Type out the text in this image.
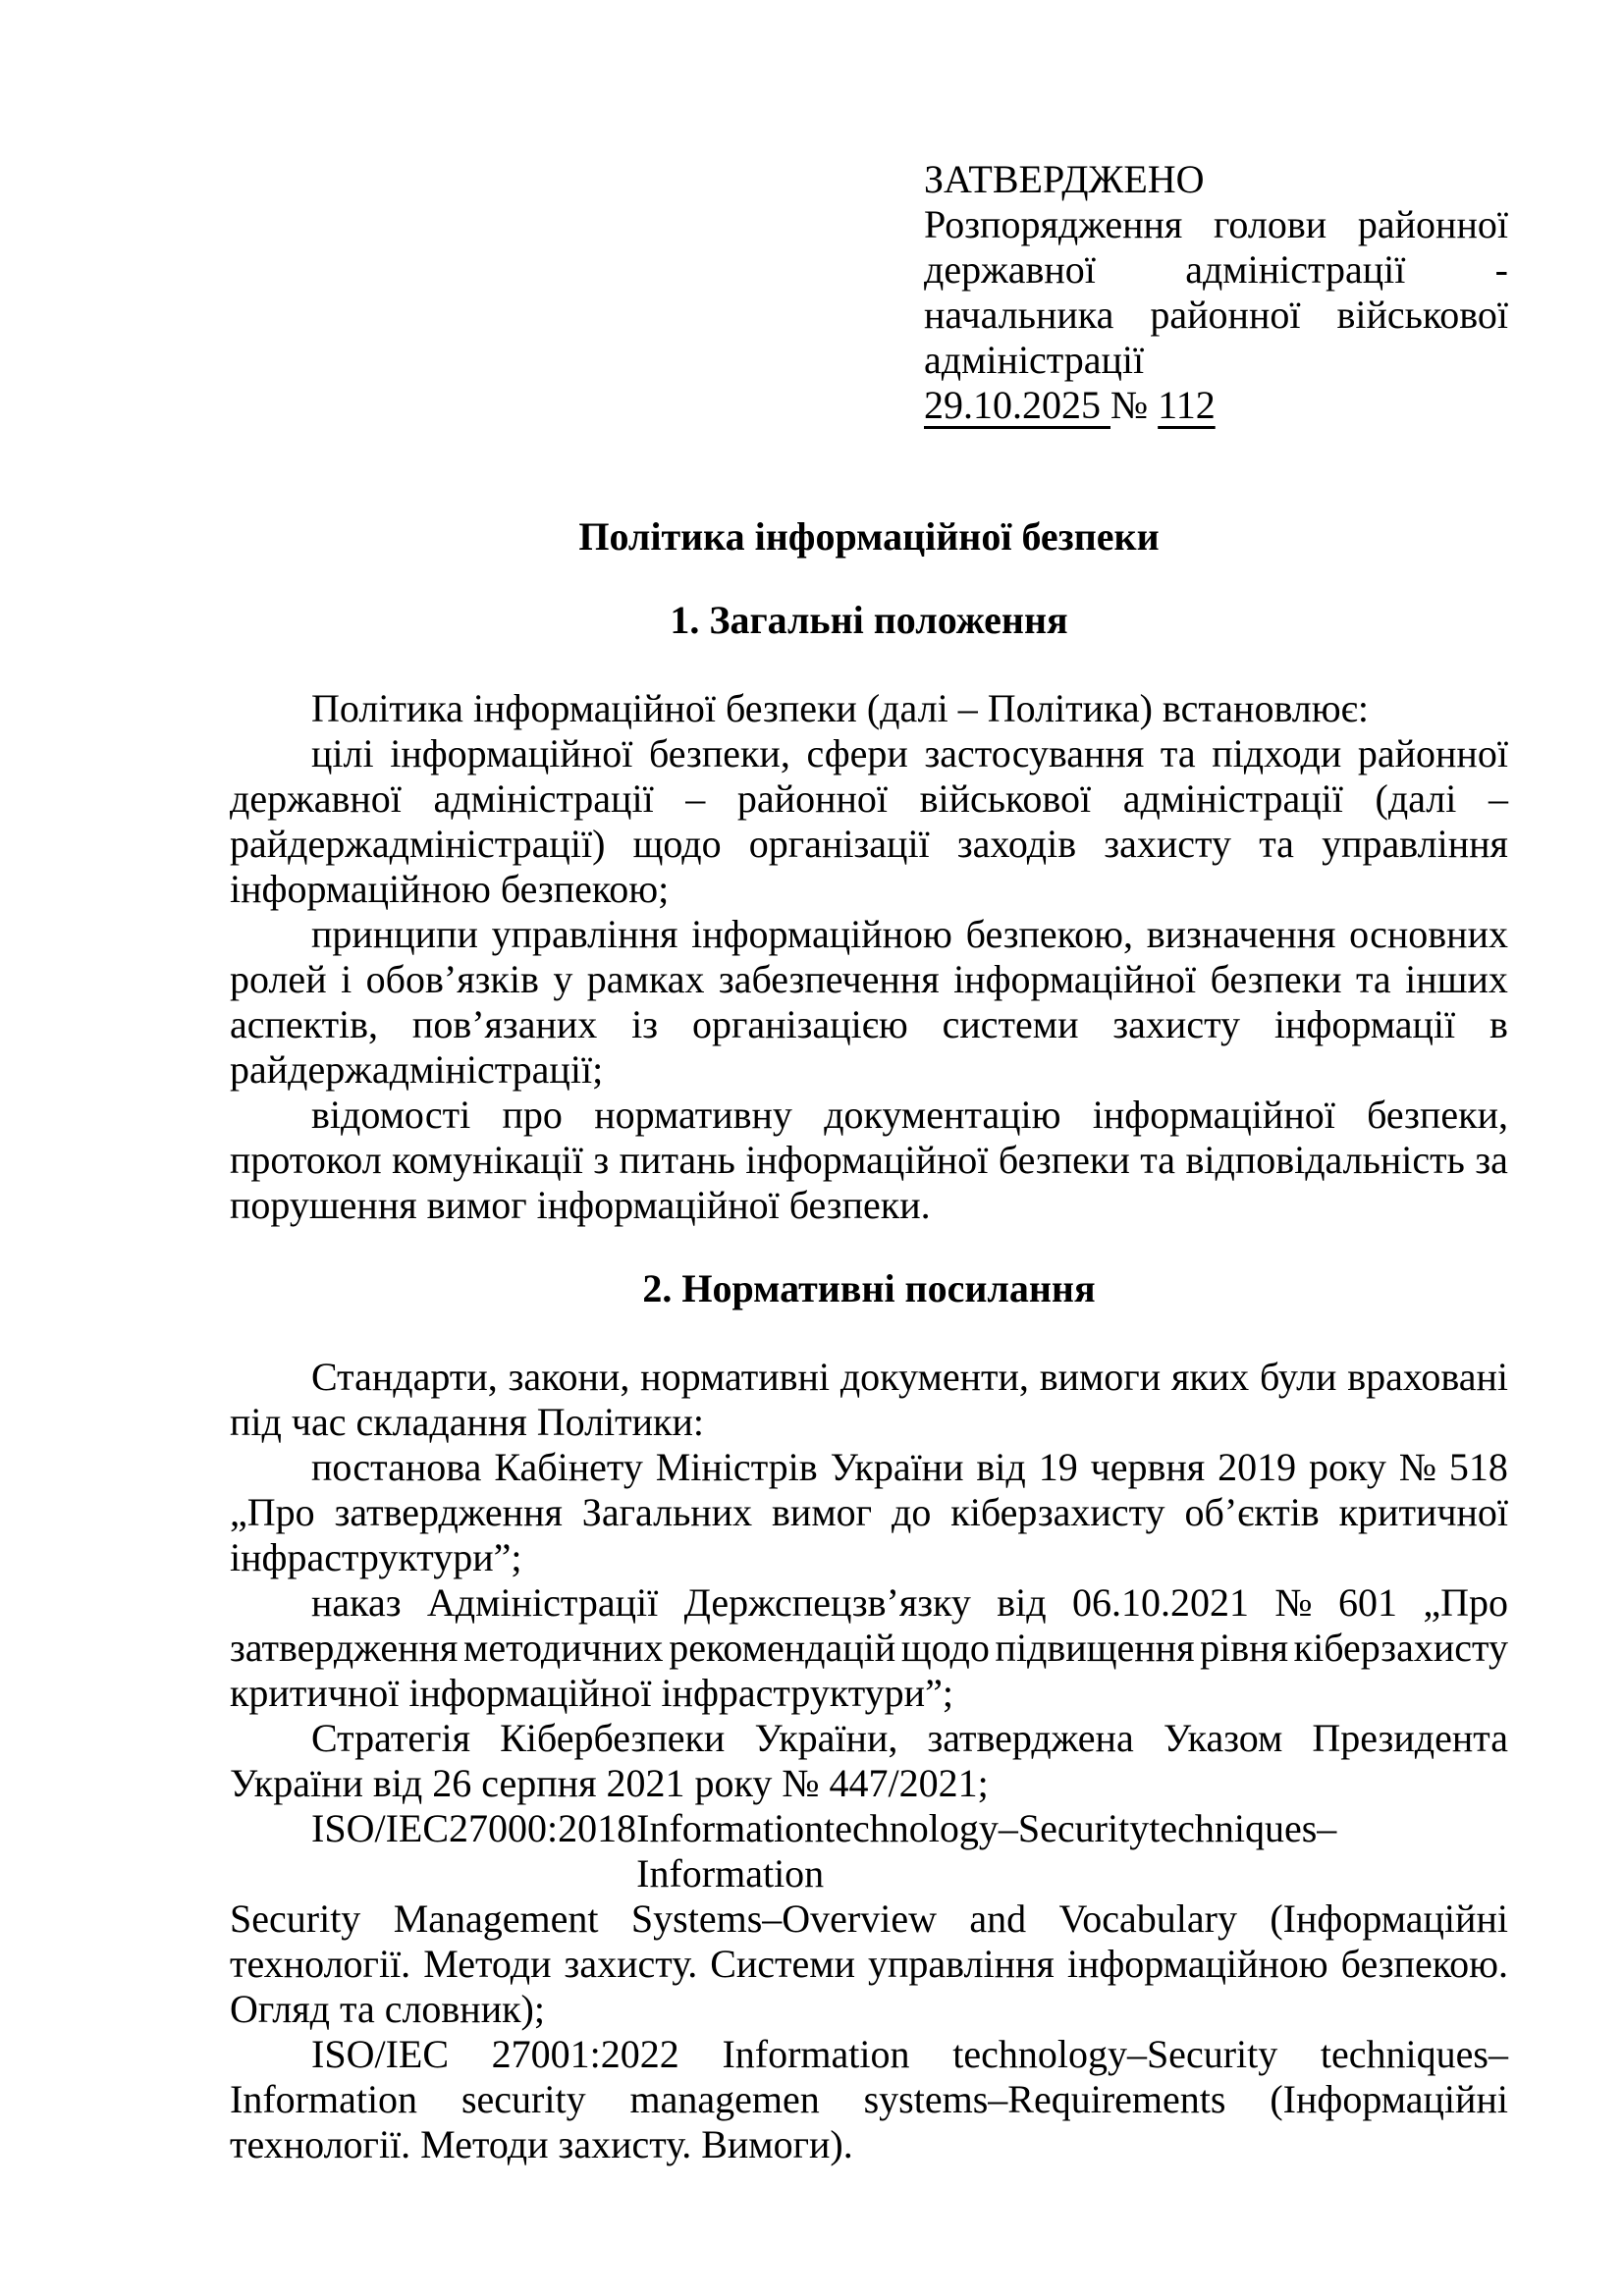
ЗАТВЕРДЖЕНО
Розпорядження голови районної
державної адміністрації -
начальника районної військової
адміністрації
29.10.2025 № 112
Політика інформаційної безпеки
1. Загальні положення
Політика інформаційної безпеки (далі – Політика) встановлює:
цілі інформаційної безпеки, сфери застосування та підходи районної
державної адміністрації – районної військової адміністрації (далі –
райдержадміністрації) щодо організації заходів захисту та управління
інформаційною безпекою;
принципи управління інформаційною безпекою, визначення основних
ролей і обов’язків у рамках забезпечення інформаційної безпеки та інших
аспектів, пов’язаних із організацією системи захисту інформації в
райдержадміністрації;
відомості про нормативну документацію інформаційної безпеки,
протокол комунікації з питань інформаційної безпеки та відповідальність за
порушення вимог інформаційної безпеки.
2. Нормативні посилання
Стандарти, закони, нормативні документи, вимоги яких були враховані
під час складання Політики:
постанова Кабінету Міністрів України від 19 червня 2019 року № 518
„Про затвердження Загальних вимог до кіберзахисту об’єктів критичної
інфраструктури”;
наказ Адміністрації Держспецзв’язку від 06.10.2021 № 601 „Про
затвердження методичних рекомендацій щодо підвищення рівня кіберзахисту
критичної інформаційної інфраструктури”;
Стратегія Кібербезпеки України, затверджена Указом Президента
України від 26 серпня 2021 року № 447/2021;
ISO/IEC 27000:2018 Informationtechnology–Securitytechniques–Information
Security Management Systems–Overview and Vocabulary (Інформаційні
технології. Методи захисту. Системи управління інформаційною безпекою.
Огляд та словник);
ISO/IEC 27001:2022 Information technology–Security techniques–
Information security managemen systems–Requirements (Інформаційні
технології. Методи захисту. Вимоги).
